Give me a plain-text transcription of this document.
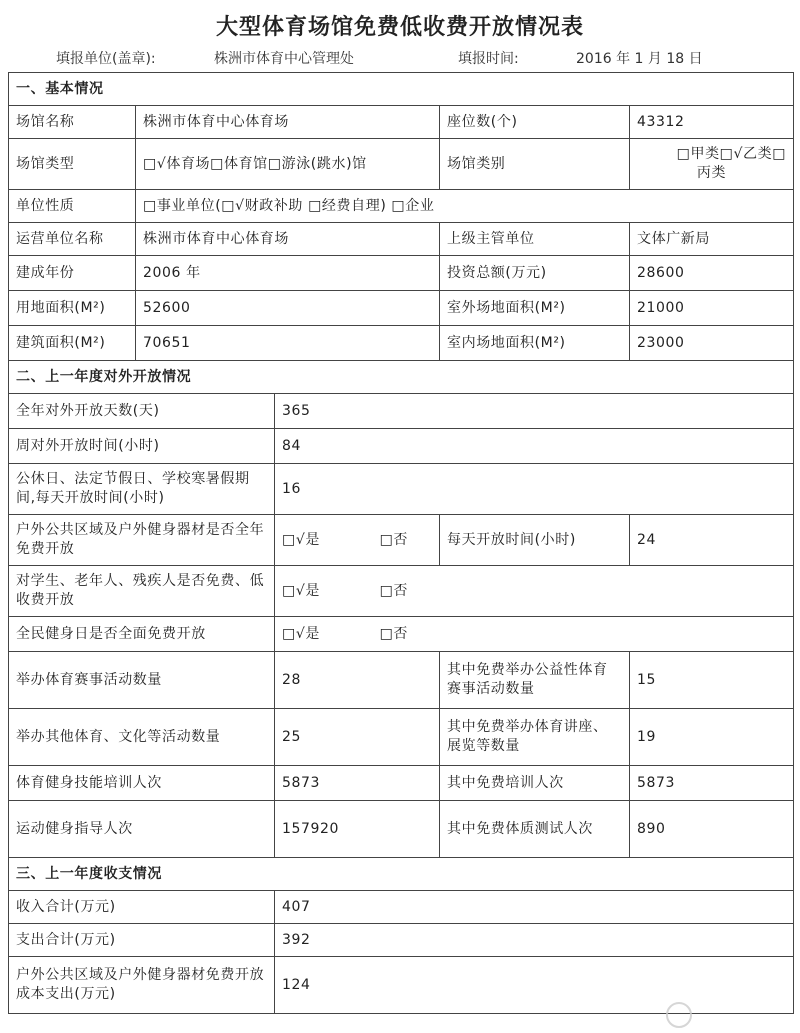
大型体育场馆免费低收费开放情况表
填报单位(盖章):	株洲市体育中心管理处	填报时间:	2016 年 1 月 18 日
一、基本情况				
场馆名称	株洲市体育中心体育场		座位数(个)	43312
场馆类型	□√体育场□体育馆□游泳(跳水)馆		场馆类别	□甲类□√乙类□
丙类

单位性质	□事业单位(□√财政补助 □经费自理) □企业			
运营单位名称	株洲市体育中心体育场		上级主管单位	文体广新局
建成年份	2006 年		投资总额(万元)	28600
用地面积(M²)	52600		室外场地面积(M²)	21000
建筑面积(M²)	70651		室内场地面积(M²)	23000
二、上一年度对外开放情况				
全年对外开放天数(天)		365		
周对外开放时间(小时)		84		
公休日、法定节假日、学校寒暑假期间,每天开放时间(小时)		16		
户外公共区域及户外健身器材是否全年免费开放		□√是 □否	每天开放时间(小时)	24
对学生、老年人、残疾人是否免费、低收费开放		□√是 □否		

全民健身日是否全面免费开放		□√是 □否		

举办体育赛事活动数量		28	其中免费举办公益性体育赛事活动数量	15
举办其他体育、文化等活动数量		25	其中免费举办体育讲座、展览等数量	19
体育健身技能培训人次		5873	其中免费培训人次	5873
运动健身指导人次		157920	其中免费体质测试人次	890
三、上一年度收支情况				
收入合计(万元)		407		
支出合计(万元)		392		
户外公共区域及户外健身器材免费开放成本支出(万元)		124		
